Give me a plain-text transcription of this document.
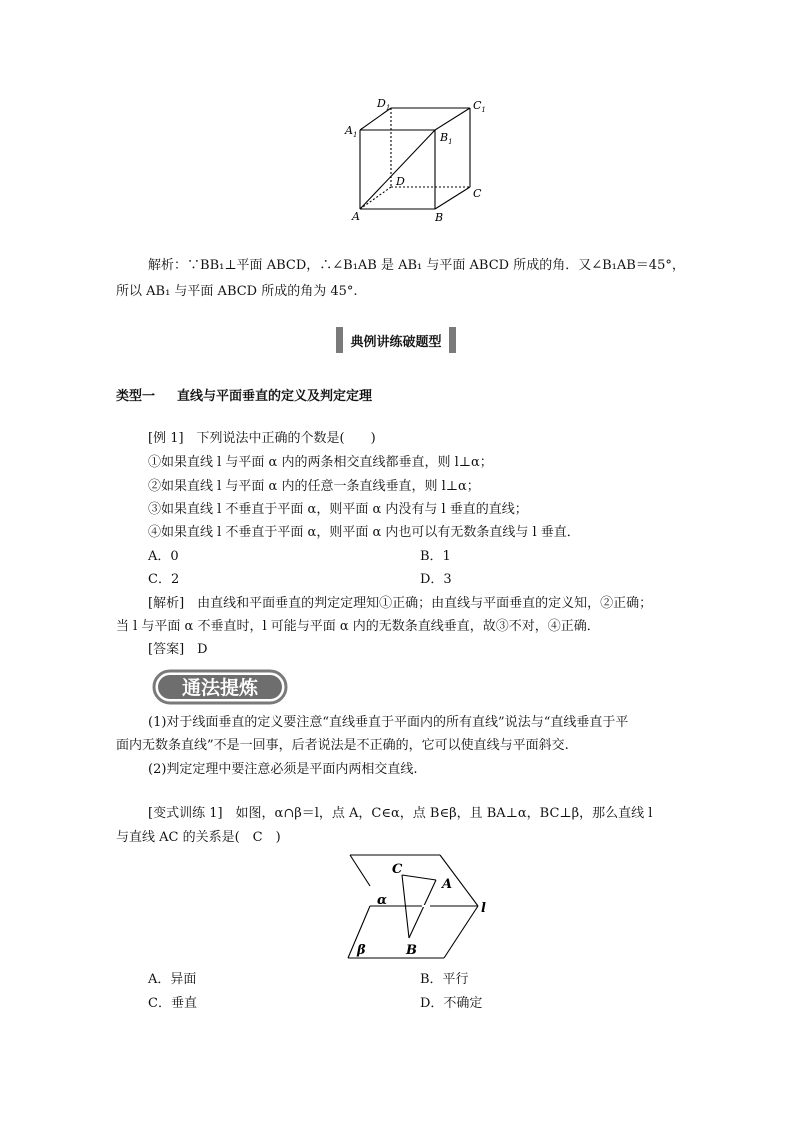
$D_1$	$C_1$
$A_1$	$B_1$
D
C
A	B
解析：∵BB₁⊥平面 ABCD，∴∠B₁AB 是 AB₁ 与平面 ABCD 所成的角．又∠B₁AB＝45°，
所以 AB₁ 与平面 ABCD 所成的角为 45°.
典例讲练破题型
类型一 直线与平面垂直的定义及判定定理
[例 1]　下列说法中正确的个数是(　　)
①如果直线 l 与平面 α 内的两条相交直线都垂直，则 l⊥α；
②如果直线 l 与平面 α 内的任意一条直线垂直，则 l⊥α；
③如果直线 l 不垂直于平面 α，则平面 α 内没有与 l 垂直的直线；
④如果直线 l 不垂直于平面 α，则平面 α 内也可以有无数条直线与 l 垂直．
A．0	B．1
C．2	D．3
[解析]　由直线和平面垂直的判定定理知①正确；由直线与平面垂直的定义知，②正确；
当 l 与平面 α 不垂直时，l 可能与平面 α 内的无数条直线垂直，故③不对，④正确．
[答案]　D
通法提炼
(1)对于线面垂直的定义要注意“直线垂直于平面内的所有直线”说法与“直线垂直于平
面内无数条直线”不是一回事，后者说法是不正确的，它可以使直线与平面斜交.
(2)判定定理中要注意必须是平面内两相交直线.
[变式训练 1]　如图，α∩β＝l，点 A，C∈α，点 B∈β，且 BA⊥α，BC⊥β，那么直线 l
与直线 AC 的关系是(　C　)
C
A
α
l
β	B
A．异面	B．平行
C．垂直	D．不确定
